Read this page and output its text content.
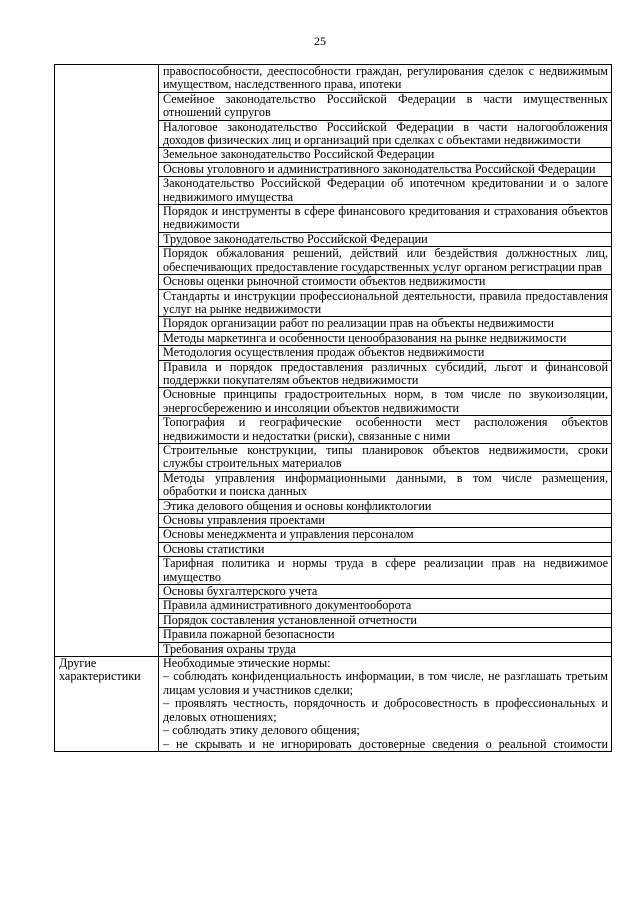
25
	правоспособности, дееспособности граждан, регулирования сделок с недвижимым имуществом, наследственного права, ипотеки
	Семейное законодательство Российской Федерации в части имущественных отношений супругов
	Налоговое законодательство Российской Федерации в части налогообложения доходов физических лиц и организаций при сделках с объектами недвижимости
	Земельное законодательство Российской Федерации
	Основы уголовного и административного законодательства Российской Федерации
	Законодательство Российской Федерации об ипотечном кредитовании и о залоге недвижимого имущества
	Порядок и инструменты в сфере финансового кредитования и страхования объектов недвижимости
	Трудовое законодательство Российской Федерации
	Порядок обжалования решений, действий или бездействия должностных лиц, обеспечивающих предоставление государственных услуг органом регистрации прав
	Основы оценки рыночной стоимости объектов недвижимости
	Стандарты и инструкции профессиональной деятельности, правила предоставления услуг на рынке недвижимости
	Порядок организации работ по реализации прав на объекты недвижимости
	Методы маркетинга и особенности ценообразования на рынке недвижимости
	Методология осуществления продаж объектов недвижимости
	Правила и порядок предоставления различных субсидий, льгот и финансовой поддержки покупателям объектов недвижимости
	Основные принципы градостроительных норм, в том числе по звукоизоляции, энергосбережению и инсоляции объектов недвижимости
	Топография и географические особенности мест расположения объектов недвижимости и недостатки (риски), связанные с ними
	Строительные конструкции, типы планировок объектов недвижимости, сроки службы строительных материалов
	Методы управления информационными данными, в том числе размещения, обработки и поиска данных
	Этика делового общения и основы конфликтологии
	Основы управления проектами
	Основы менеджмента и управления персоналом
	Основы статистики
	Тарифная политика и нормы труда в сфере реализации прав на недвижимое имущество
	Основы бухгалтерского учета
	Правила административного документооборота
	Порядок составления установленной отчетности
	Правила пожарной безопасности
	Требования охраны труда

Другие
характеристики	Необходимые этические нормы:
– соблюдать конфиденциальность информации, в том числе, не разглашать третьим лицам условия и участников сделки;
– проявлять честность, порядочность и добросовестность в профессиональных и деловых отношениях;
– соблюдать этику делового общения;
– не скрывать и не игнорировать достоверные сведения о реальной стоимости
